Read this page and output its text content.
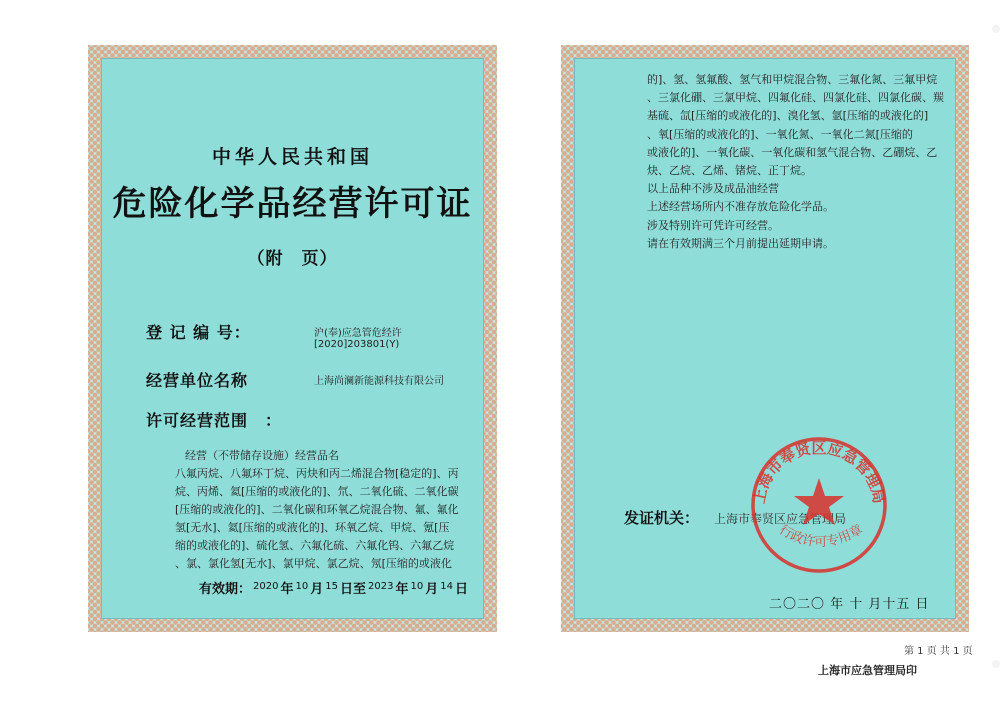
中华人民共和国
危险化学品经营许可证
（附　页）
登 记 编 号：	沪(奉)应急管危经许[2020]203801(Y)
经营单位名称	上海尚澜新能源科技有限公司
许可经营范围　：
经营（不带储存设施）经营品名
八氟丙烷、八氟环丁烷、丙炔和丙二烯混合物[稳定的]、丙
烷、丙烯、氦[压缩的或液化的]、氘、二氧化硫、二氧化碳
[压缩的或液化的]、二氧化碳和环氧乙烷混合物、氟、氟化
氢[无水]、氦[压缩的或液化的]、环氧乙烷、甲烷、氪[压
缩的或液化的]、硫化氢、六氟化硫、六氟化钨、六氟乙烷
、氯、氯化氢[无水]、氯甲烷、氯乙烷、氖[压缩的或液化
有效期： $^{2020}$ 年 $^{10}$ 月 $^{15}$ 日至 $^{2023}$ 年 $^{10}$ 月 $^{14}$ 日
的]、氢、氢氟酸、氢气和甲烷混合物、三氟化氮、三氟甲烷
、三氯化硼、三氯甲烷、四氟化硅、四氯化硅、四氯化碳、羰
基硫、氙[压缩的或液化的]、溴化氢、氩[压缩的或液化的]
、氧[压缩的或液化的]、一氧化氮、一氧化二氮[压缩的
或液化的]、一氧化碳、一氧化碳和氢气混合物、乙硼烷、乙
炔、乙烷、乙烯、锗烷、正丁烷。
以上品种不涉及成品油经营
上述经营场所内不准存放危险化学品。
涉及特别许可凭许可经营。
请在有效期满三个月前提出延期申请。
发证机关： 上海市奉贤区应急管理局
上海市奉贤区应急管理局
行政许可专用章
二〇二〇 年 十 月十五 日
第 1 页 共 1 页
上海市应急管理局印
